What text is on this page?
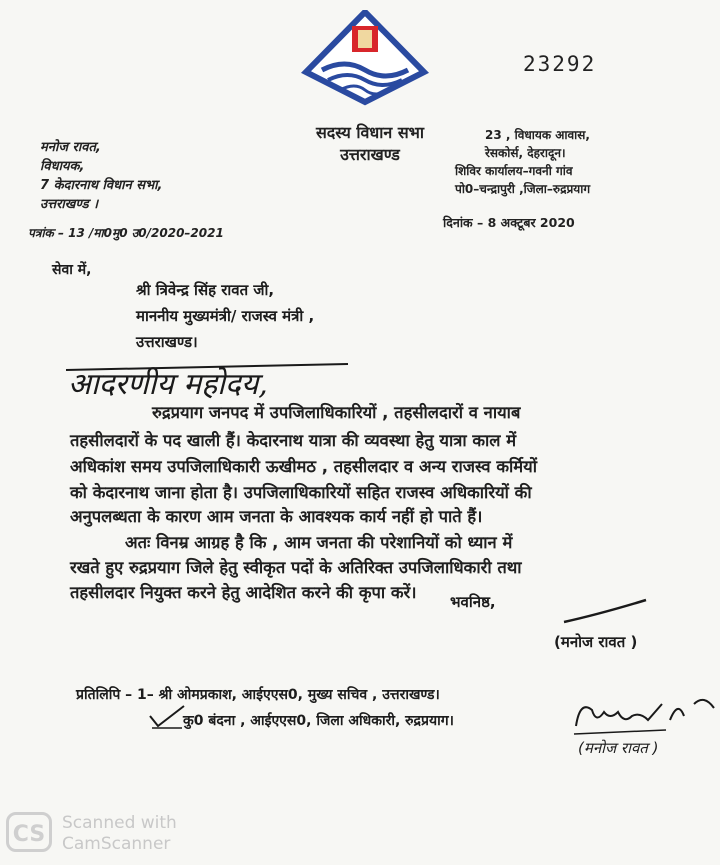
23292
सदस्य विधान सभा
उत्तराखण्ड
मनोज रावत,
विधायक,
7 केदारनाथ विधान सभा,
उत्तराखण्ड ।
23 , विधायक आवास,
रेसकोर्स, देहरादून।
शिविर कार्यालय–गवनी गांव
पो0–चन्द्रापुरी ,जिला–रुद्रप्रयाग
पत्रांक – 13 /मा0मु0 उ0/2020–2021
दिनांक – 8 अक्टूबर 2020
सेवा में,
श्री त्रिवेन्द्र सिंह रावत जी,
माननीय मुख्यमंत्री/ राजस्व मंत्री ,
उत्तराखण्ड।
आदरणीय महोदय,
रुद्रप्रयाग जनपद में उपजिलाधिकारियों , तहसीलदारों व नायाब
तहसीलदारों के पद खाली हैं। केदारनाथ यात्रा की व्यवस्था हेतु यात्रा काल में
अधिकांश समय उपजिलाधिकारी ऊखीमठ , तहसीलदार व अन्य राजस्व कर्मियों
को केदारनाथ जाना होता है। उपजिलाधिकारियों सहित राजस्व अधिकारियों की
अनुपलब्धता के कारण आम जनता के आवश्यक कार्य नहीं हो पाते हैं।
अतः विनम्र आग्रह है कि , आम जनता की परेशानियों को ध्यान में
रखते हुए रुद्रप्रयाग जिले हेतु स्वीकृत पदों के अतिरिक्त उपजिलाधिकारी तथा
तहसीलदार नियुक्त करने हेतु आदेशित करने की कृपा करें।	भवनिष्ठ,
(मनोज रावत )
प्रतिलिपि – 1– श्री ओमप्रकाश, आईएएस0, मुख्य सचिव , उत्तराखण्ड।
कु0 बंदना , आईएएस0, जिला अधिकारी, रुद्रप्रयाग।
(मनोज रावत )
CS Scanned with
CamScanner
